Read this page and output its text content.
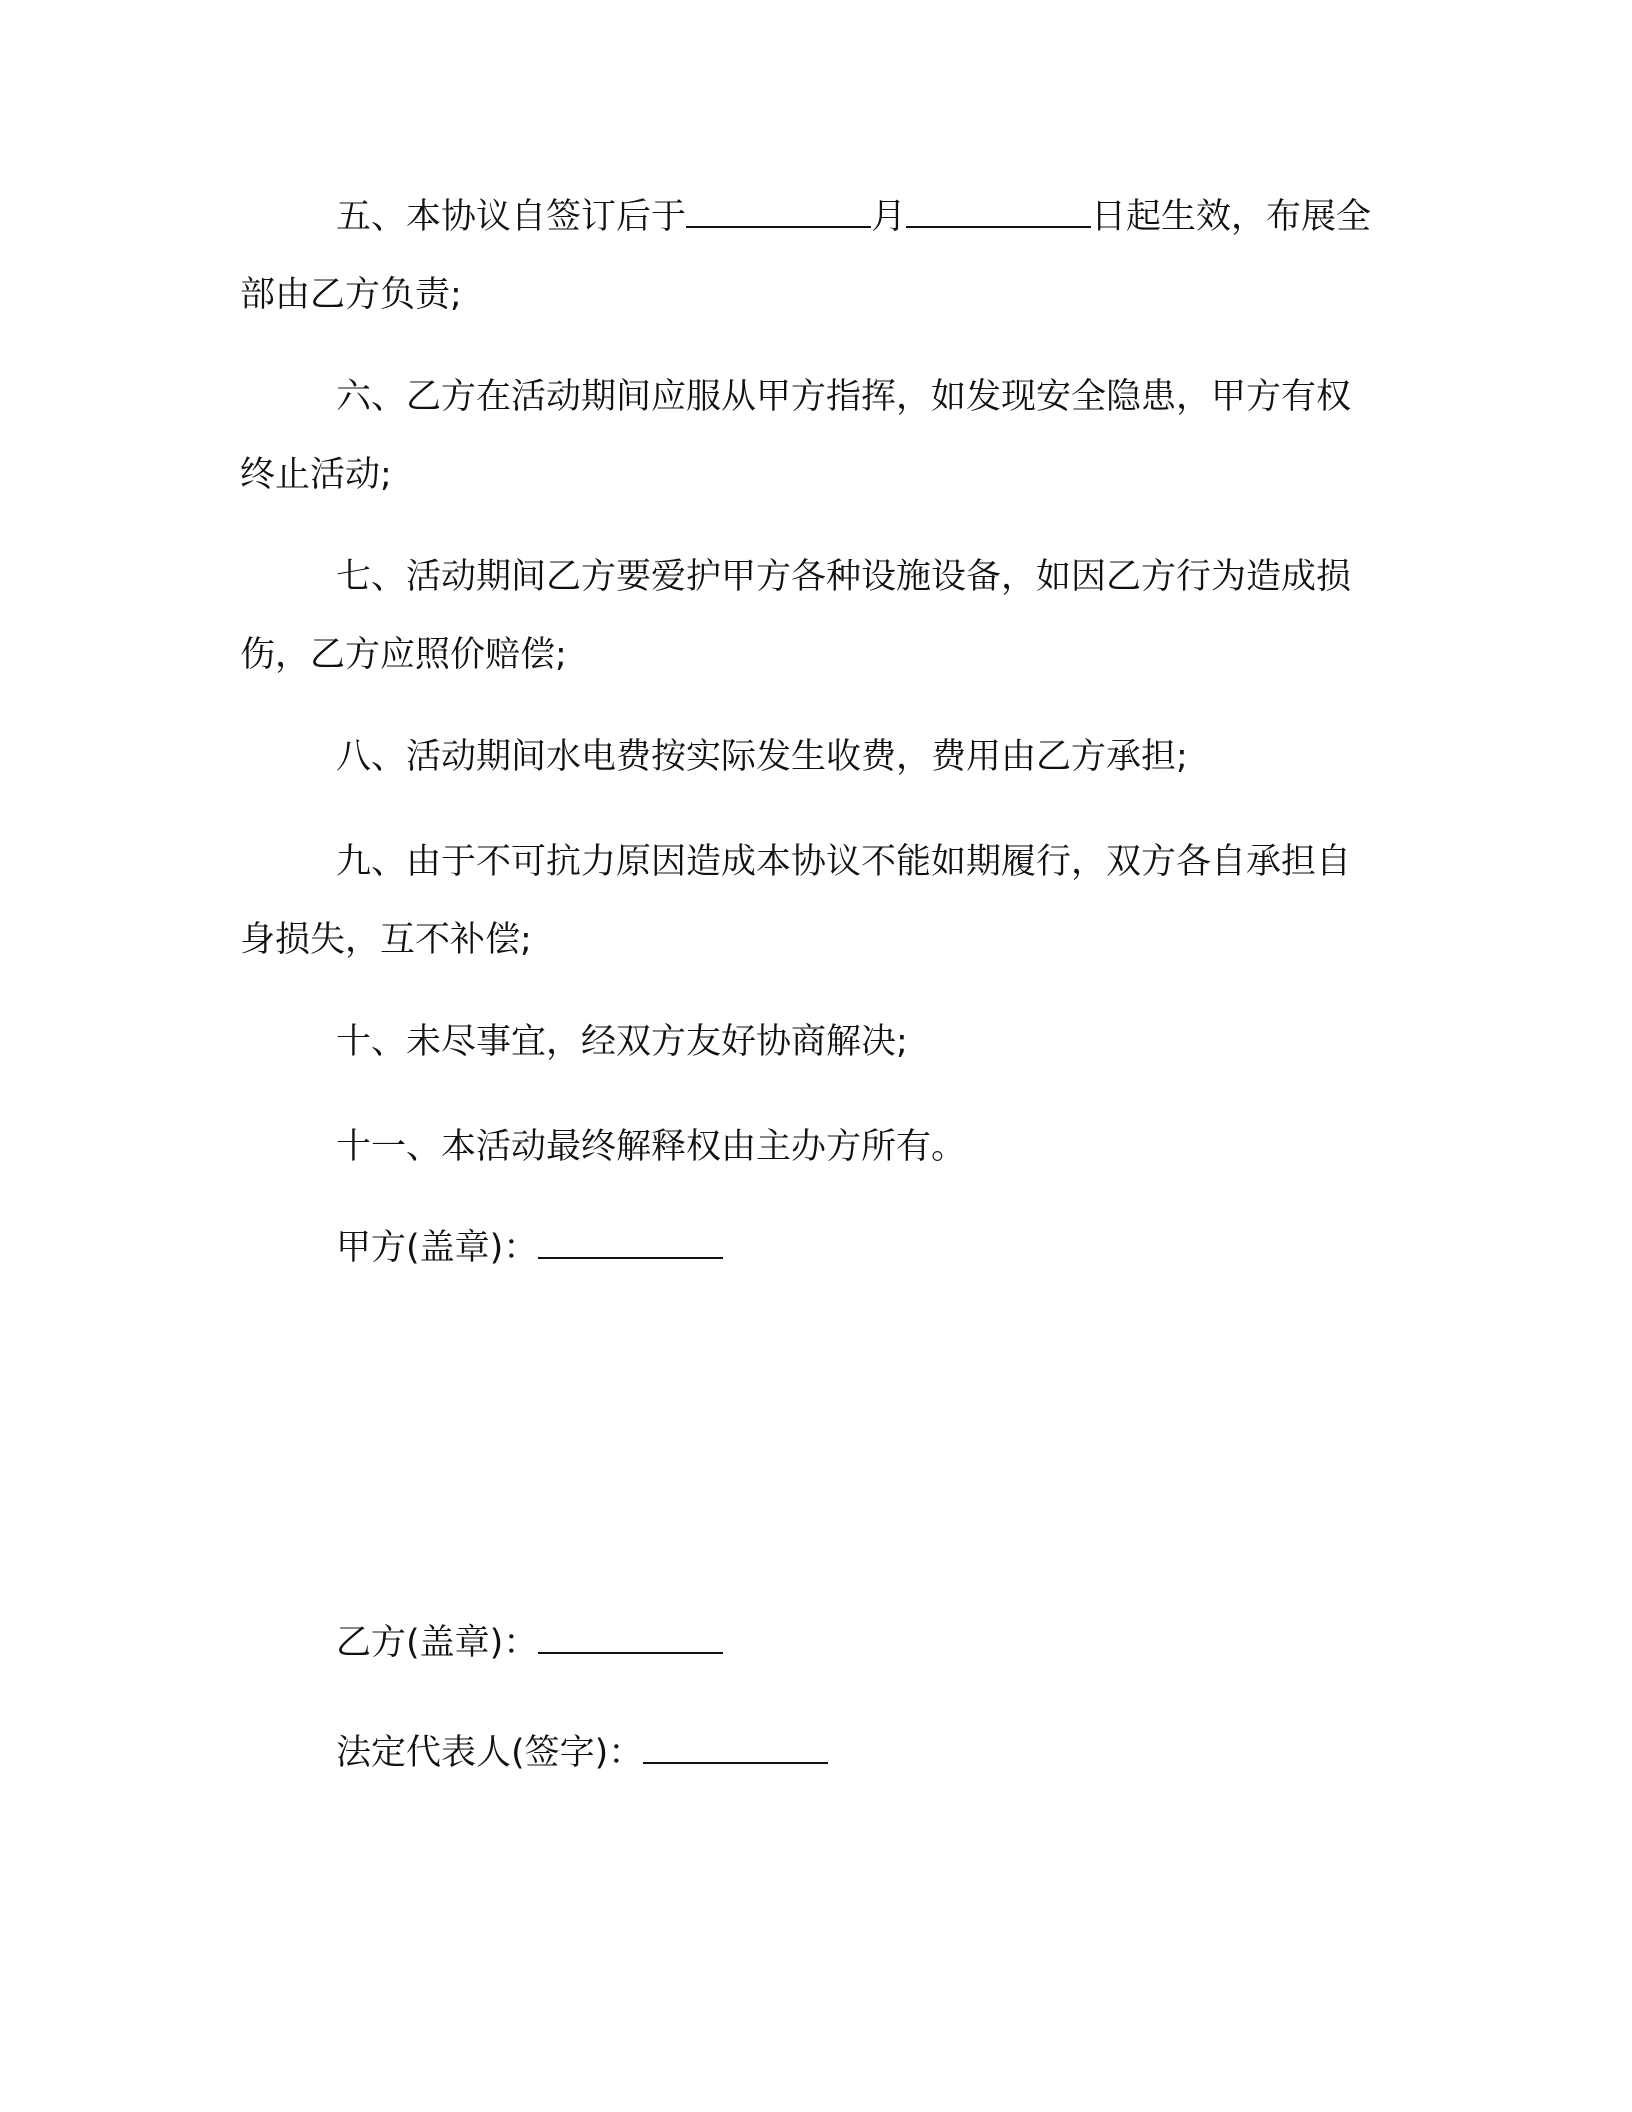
五、本协议自签订后于	月	日起生效，布展全部由乙方负责;

六、乙方在活动期间应服从甲方指挥，如发现安全隐患，甲方有权终止活动;

七、活动期间乙方要爱护甲方各种设施设备，如因乙方行为造成损伤，乙方应照价赔偿;

八、活动期间水电费按实际发生收费，费用由乙方承担;

九、由于不可抗力原因造成本协议不能如期履行，双方各自承担自身损失，互不补偿;

十、未尽事宜，经双方友好协商解决;

十一、本活动最终解释权由主办方所有。

甲方(盖章)：

乙方(盖章)：

法定代表人(签字)：
